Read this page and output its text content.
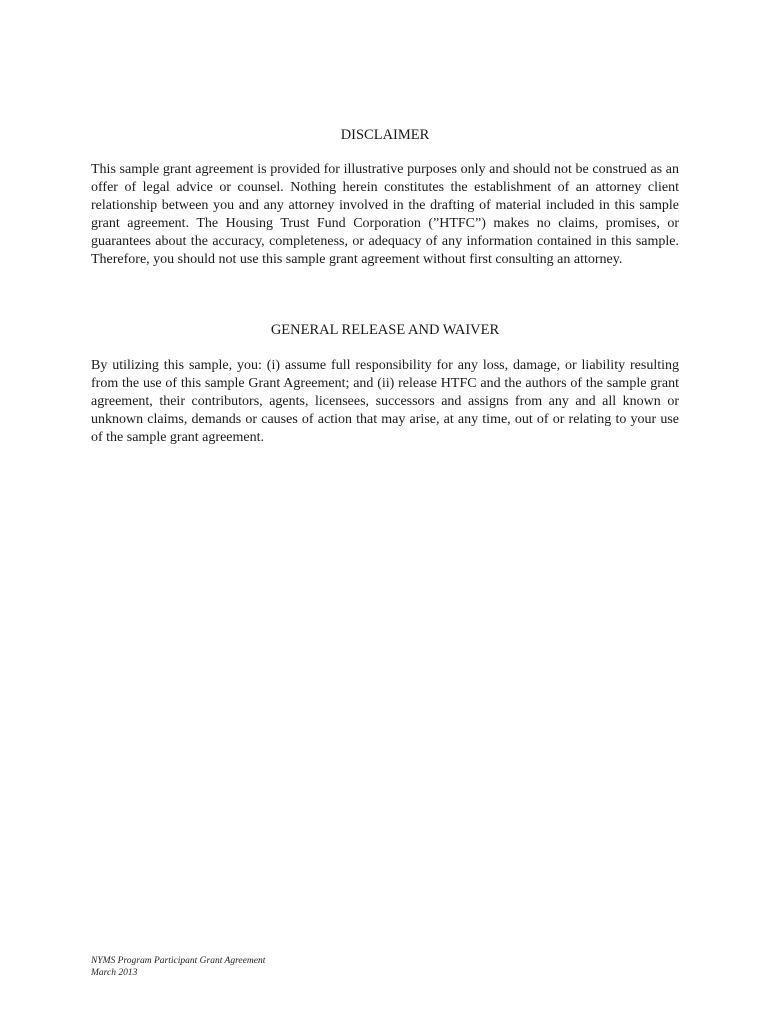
DISCLAIMER

This sample grant agreement is provided for illustrative purposes only and should not be construed as an offer of legal advice or counsel. Nothing herein constitutes the establishment of an attorney client relationship between you and any attorney involved in the drafting of material included in this sample grant agreement. The Housing Trust Fund Corporation (”HTFC”) makes no claims, promises, or guarantees about the accuracy, completeness, or adequacy of any information contained in this sample. Therefore, you should not use this sample grant agreement without first consulting an attorney.

GENERAL RELEASE AND WAIVER

By utilizing this sample, you: (i) assume full responsibility for any loss, damage, or liability resulting from the use of this sample Grant Agreement; and (ii) release HTFC and the authors of the sample grant agreement, their contributors, agents, licensees, successors and assigns from any and all known or unknown claims, demands or causes of action that may arise, at any time, out of or relating to your use of the sample grant agreement.

NYMS Program Participant Grant Agreement
March 2013
